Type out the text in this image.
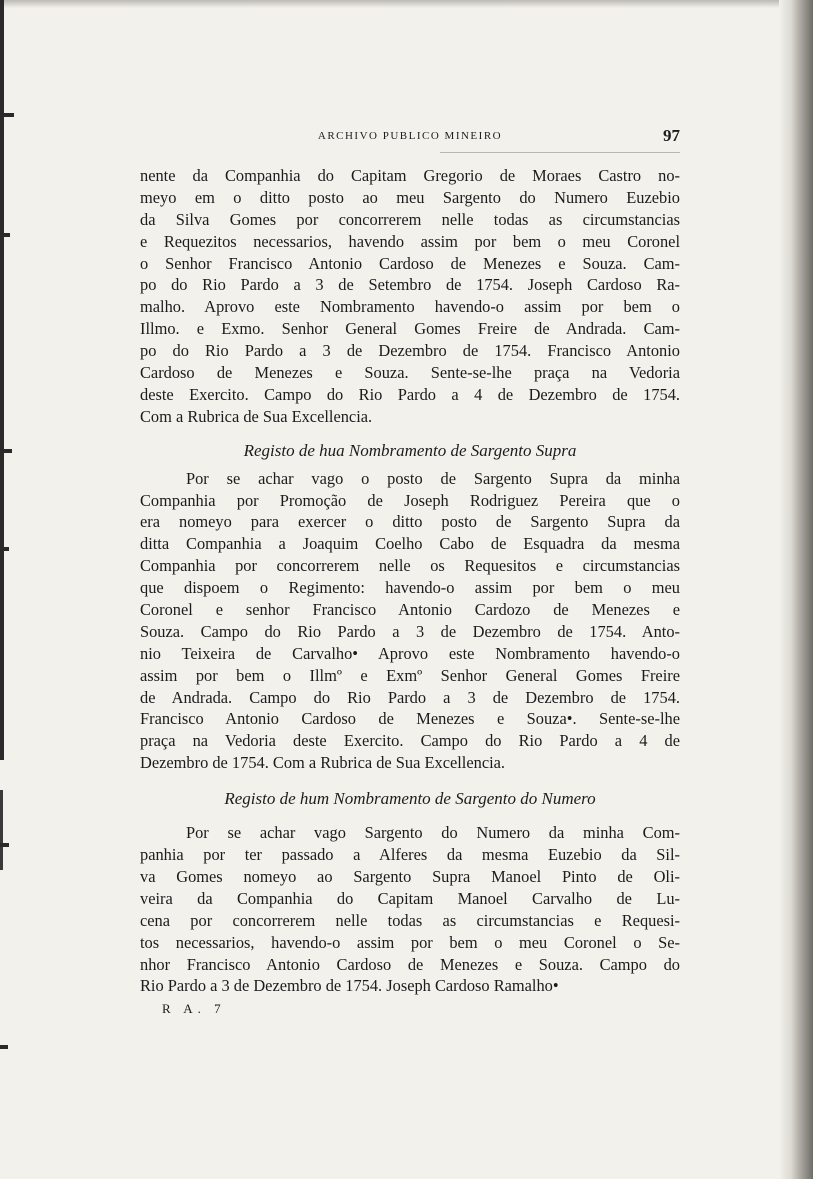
ARCHIVO PUBLICO MINEIRO	97
nente da Companhia do Capitam Gregorio de Moraes Castro no-
meyo em o ditto posto ao meu Sargento do Numero Euzebio
da Silva Gomes por concorrerem nelle todas as circumstancias
e Requezitos necessarios, havendo assim por bem o meu Coronel
o Senhor Francisco Antonio Cardoso de Menezes e Souza. Cam-
po do Rio Pardo a 3 de Setembro de 1754. Joseph Cardoso Ra-
malho. Aprovo este Nombramento havendo-o assim por bem o
Illmo. e Exmo. Senhor General Gomes Freire de Andrada. Cam-
po do Rio Pardo a 3 de Dezembro de 1754. Francisco Antonio
Cardoso de Menezes e Souza. Sente-se-lhe praça na Vedoria
deste Exercito. Campo do Rio Pardo a 4 de Dezembro de 1754.
Com a Rubrica de Sua Excellencia.
Registo de hua Nombramento de Sargento Supra
Por se achar vago o posto de Sargento Supra da minha
Companhia por Promoção de Joseph Rodriguez Pereira que o
era nomeyo para exercer o ditto posto de Sargento Supra da
ditta Companhia a Joaquim Coelho Cabo de Esquadra da mesma
Companhia por concorrerem nelle os Requesitos e circumstancias
que dispoem o Regimento: havendo-o assim por bem o meu
Coronel e senhor Francisco Antonio Cardozo de Menezes e
Souza. Campo do Rio Pardo a 3 de Dezembro de 1754. Anto-
nio Teixeira de Carvalho• Aprovo este Nombramento havendo-o
assim por bem o Illmº e Exmº Senhor General Gomes Freire
de Andrada. Campo do Rio Pardo a 3 de Dezembro de 1754.
Francisco Antonio Cardoso de Menezes e Souza•. Sente-se-lhe
praça na Vedoria deste Exercito. Campo do Rio Pardo a 4 de
Dezembro de 1754. Com a Rubrica de Sua Excellencia.
Registo de hum Nombramento de Sargento do Numero
Por se achar vago Sargento do Numero da minha Com-
panhia por ter passado a Alferes da mesma Euzebio da Sil-
va Gomes nomeyo ao Sargento Supra Manoel Pinto de Oli-
veira da Companhia do Capitam Manoel Carvalho de Lu-
cena por concorrerem nelle todas as circumstancias e Requesi-
tos necessarios, havendo-o assim por bem o meu Coronel o Se-
nhor Francisco Antonio Cardoso de Menezes e Souza. Campo do
Rio Pardo a 3 de Dezembro de 1754. Joseph Cardoso Ramalho•
R A. 7
